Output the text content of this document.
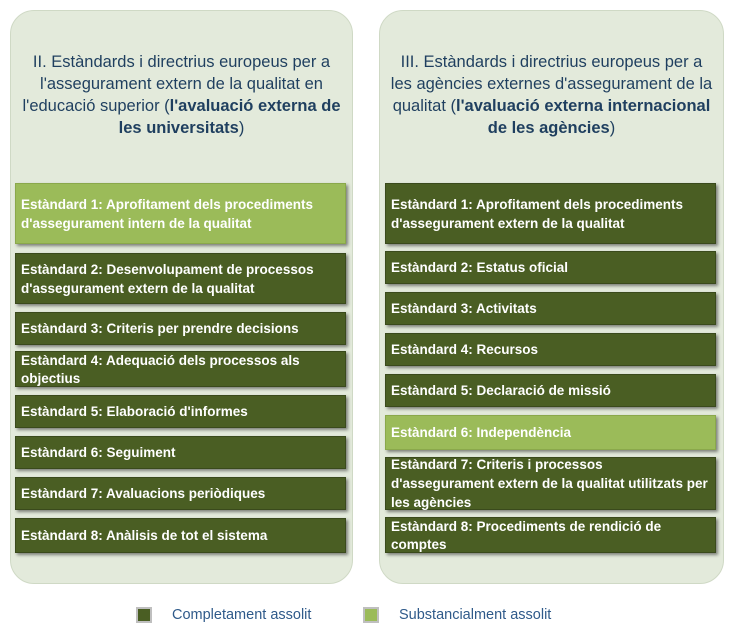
II. Estàndards i directrius europeus per a l'assegurament extern de la qualitat en l'educació superior (l'avaluació externa de les universitats)
III. Estàndards i directrius europeus per a les agències externes d'assegurament de la qualitat (l'avaluació externa internacional de les agències)
Estàndard 1: Aprofitament dels procediments d'assegurament intern de la qualitat
Estàndard 2: Desenvolupament de processos d'assegurament extern de la qualitat
Estàndard 3: Criteris per prendre decisions
Estàndard 4: Adequació dels processos als objectius
Estàndard 5: Elaboració d'informes
Estàndard 6: Seguiment
Estàndard 7: Avaluacions periòdiques
Estàndard 8: Anàlisis de tot el sistema
Estàndard 1: Aprofitament dels procediments d'assegurament extern de la qualitat
Estàndard 2: Estatus oficial
Estàndard 3: Activitats
Estàndard 4: Recursos
Estàndard 5: Declaració de missió
Estàndard 6: Independència
Estàndard 7: Criteris i processos d'assegurament extern de la qualitat utilitzats per les agències
Estàndard 8: Procediments de rendició de comptes
Completament assolit	Substancialment assolit
